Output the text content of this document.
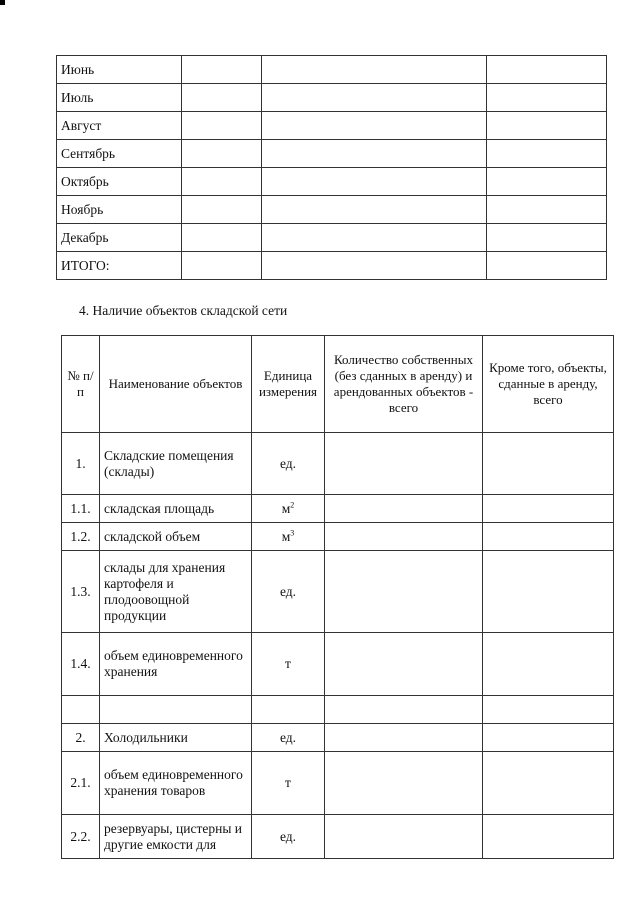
Июнь			
Июль			
Август			
Сентябрь			
Октябрь			
Ноябрь			
Декабрь			
ИТОГО:			

4. Наличие объектов складской сети

№ п/п	Наименование объектов	Единица измерения	Количество собственных (без сданных в аренду) и арендованных объектов - всего	Кроме того, объекты, сданные в аренду, всего
1.	Складские помещения (склады)	ед.		
1.1.	складская площадь	$м^2$		
1.2.	складской объем	$м^3$		
1.3.	склады для хранения картофеля и плодоовощной продукции	ед.		
1.4.	объем единовременного хранения	т		

2.	Холодильники	ед.		
2.1.	объем единовременного хранения товаров	т		
2.2.	резервуары, цистерны и другие емкости для	ед.		
